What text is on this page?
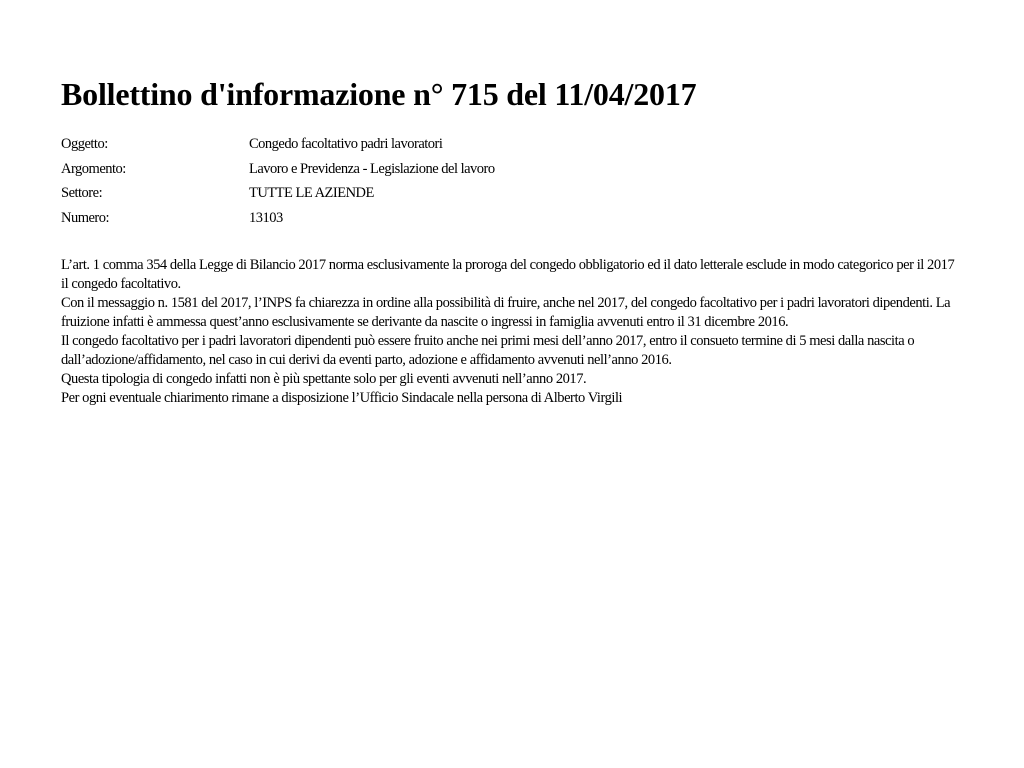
Bollettino d'informazione n° 715 del 11/04/2017
Oggetto:	Congedo facoltativo padri lavoratori
Argomento:	Lavoro e Previdenza - Legislazione del lavoro
Settore:	TUTTE LE AZIENDE
Numero:	13103

L’art. 1 comma 354 della Legge di Bilancio 2017 norma esclusivamente la proroga del congedo obbligatorio ed il dato letterale esclude in modo categorico per il 2017 il congedo facoltativo.

Con il messaggio n. 1581 del 2017, l’INPS fa chiarezza in ordine alla possibilità di fruire, anche nel 2017, del congedo facoltativo per i padri lavoratori dipendenti. La fruizione infatti è ammessa quest’anno esclusivamente se derivante da nascite o ingressi in famiglia avvenuti entro il 31 dicembre 2016.

Il congedo facoltativo per i padri lavoratori dipendenti può essere fruito anche nei primi mesi dell’anno 2017, entro il consueto termine di 5 mesi dalla nascita o dall’adozione/affidamento, nel caso in cui derivi da eventi parto, adozione e affidamento avvenuti nell’anno 2016.

Questa tipologia di congedo infatti non è più spettante solo per gli eventi avvenuti nell’anno 2017.

Per ogni eventuale chiarimento rimane a disposizione l’Ufficio Sindacale nella persona di Alberto Virgili
